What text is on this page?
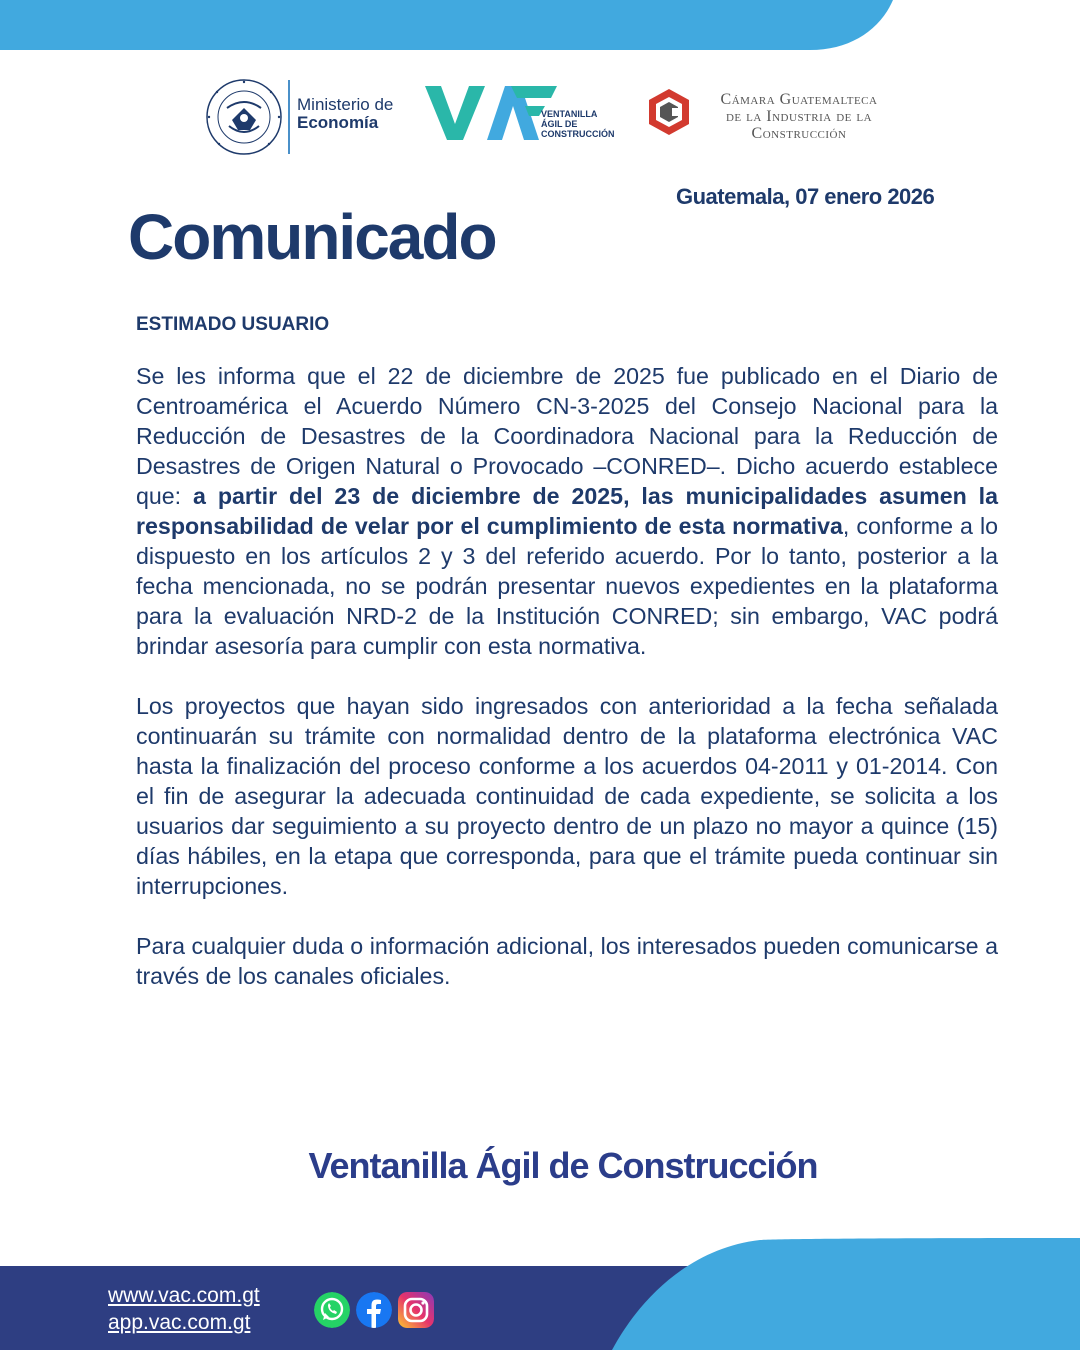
Ministerio de
Economía	VENTANILLA
ÁGIL DE
CONSTRUCCIÓN
Cámara Guatemalteca
de la Industria de la
Construcción
Guatemala, 07 enero 2026
Comunicado
ESTIMADO USUARIO

Se les informa que el 22 de diciembre de 2025 fue publicado en el Diario de Centroamérica el Acuerdo Número CN-3-2025 del Consejo Nacional para la Reducción de Desastres de la Coordinadora Nacional para la Reducción de Desastres de Origen Natural o Provocado –CONRED–. Dicho acuerdo establece que: a partir del 23 de diciembre de 2025, las municipalidades asumen la responsabilidad de velar por el cumplimiento de esta normativa, conforme a lo dispuesto en los artículos 2 y 3 del referido acuerdo. Por lo tanto, posterior a la fecha mencionada, no se podrán presentar nuevos expedientes en la plataforma para la evaluación NRD-2 de la Institución CONRED; sin embargo, VAC podrá brindar asesoría para cumplir con esta normativa.

Los proyectos que hayan sido ingresados con anterioridad a la fecha señalada continuarán su trámite con normalidad dentro de la plataforma electrónica VAC hasta la finalización del proceso conforme a los acuerdos 04-2011 y 01-2014. Con el fin de asegurar la adecuada continuidad de cada expediente, se solicita a los usuarios dar seguimiento a su proyecto dentro de un plazo no mayor a quince (15) días hábiles, en la etapa que corresponda, para que el trámite pueda continuar sin interrupciones.

Para cualquier duda o información adicional, los interesados pueden comunicarse a través de los canales oficiales.

Ventanilla Ágil de Construcción
www.vac.com.gt
app.vac.com.gt
